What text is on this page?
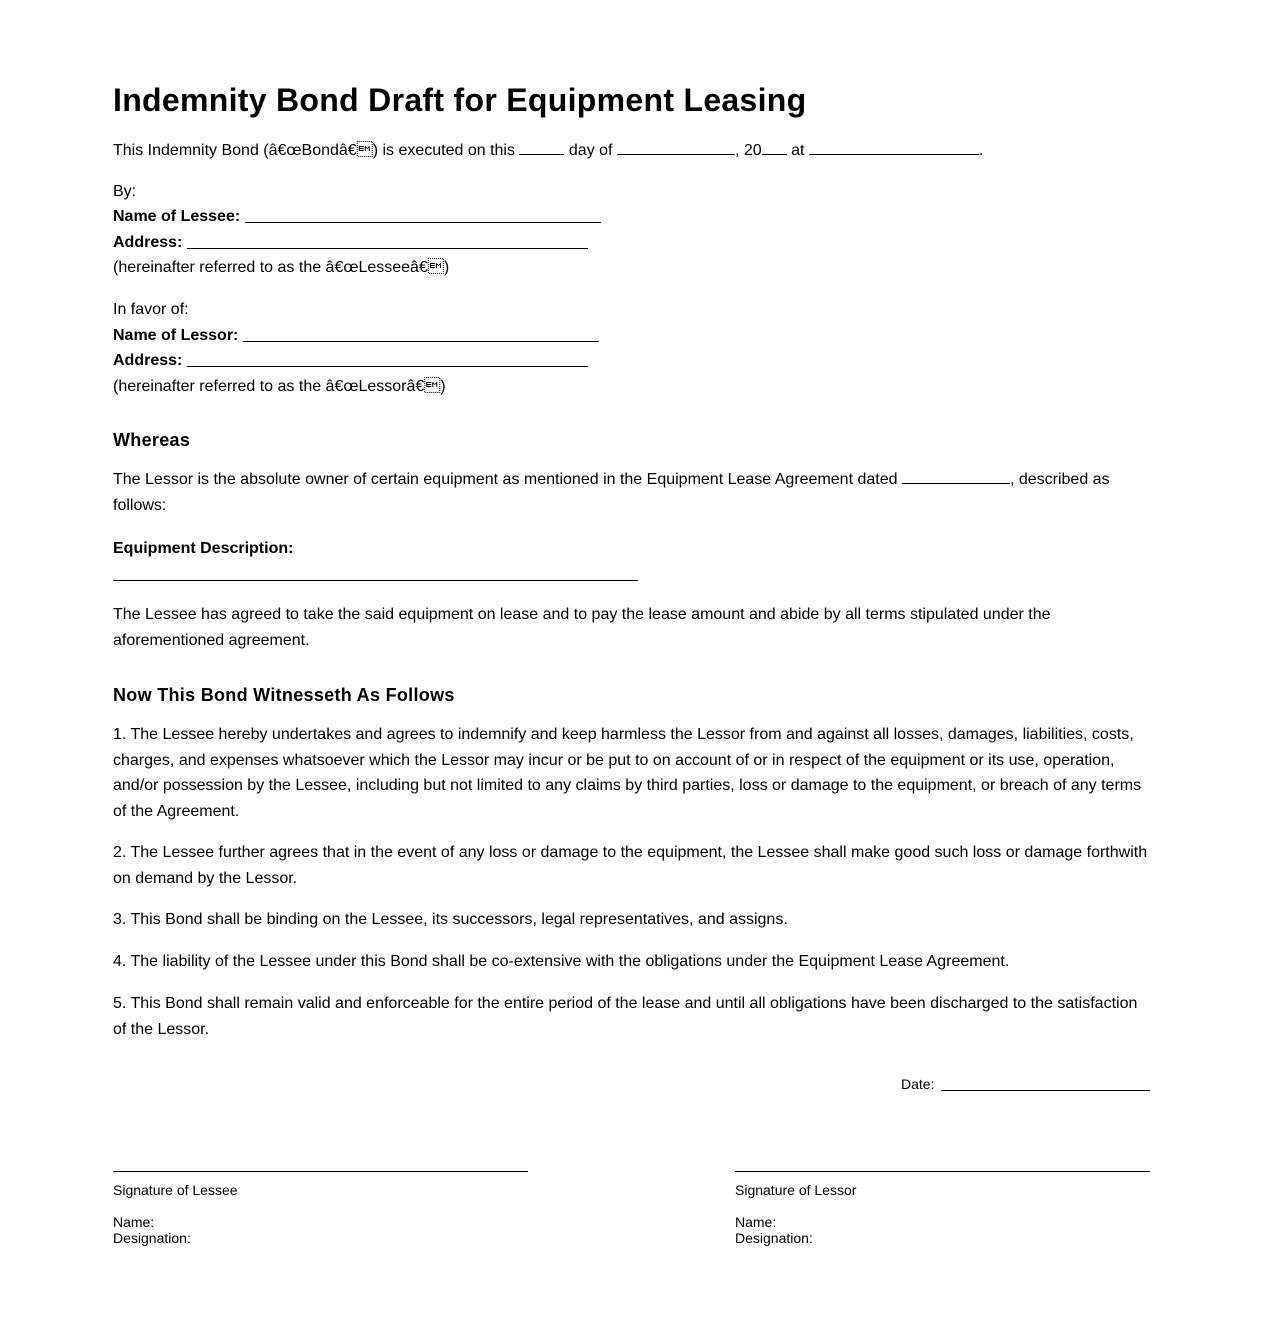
Indemnity Bond Draft for Equipment Leasing
This Indemnity Bond (â€œBondâ€) is executed on this	day of	, 20 at	.
By:
Name of Lessee:
Address:
(hereinafter referred to as the â€œLesseeâ€)
In favor of:
Name of Lessor:
Address:
(hereinafter referred to as the â€œLessorâ€)
Whereas
The Lessor is the absolute owner of certain equipment as mentioned in the Equipment Lease Agreement dated	, described as follows:
Equipment Description:
The Lessee has agreed to take the said equipment on lease and to pay the lease amount and abide by all terms stipulated under the aforementioned agreement.
Now This Bond Witnesseth As Follows
1. The Lessee hereby undertakes and agrees to indemnify and keep harmless the Lessor from and against all losses, damages, liabilities, costs, charges, and expenses whatsoever which the Lessor may incur or be put to on account of or in respect of the equipment or its use, operation, and/or possession by the Lessee, including but not limited to any claims by third parties, loss or damage to the equipment, or breach of any terms of the Agreement.
2. The Lessee further agrees that in the event of any loss or damage to the equipment, the Lessee shall make good such loss or damage forthwith on demand by the Lessor.
3. This Bond shall be binding on the Lessee, its successors, legal representatives, and assigns.
4. The liability of the Lessee under this Bond shall be co-extensive with the obligations under the Equipment Lease Agreement.
5. This Bond shall remain valid and enforceable for the entire period of the lease and until all obligations have been discharged to the satisfaction of the Lessor.
Date:
Signature of Lessee
Name:
Designation:
Signature of Lessor
Name:
Designation:
